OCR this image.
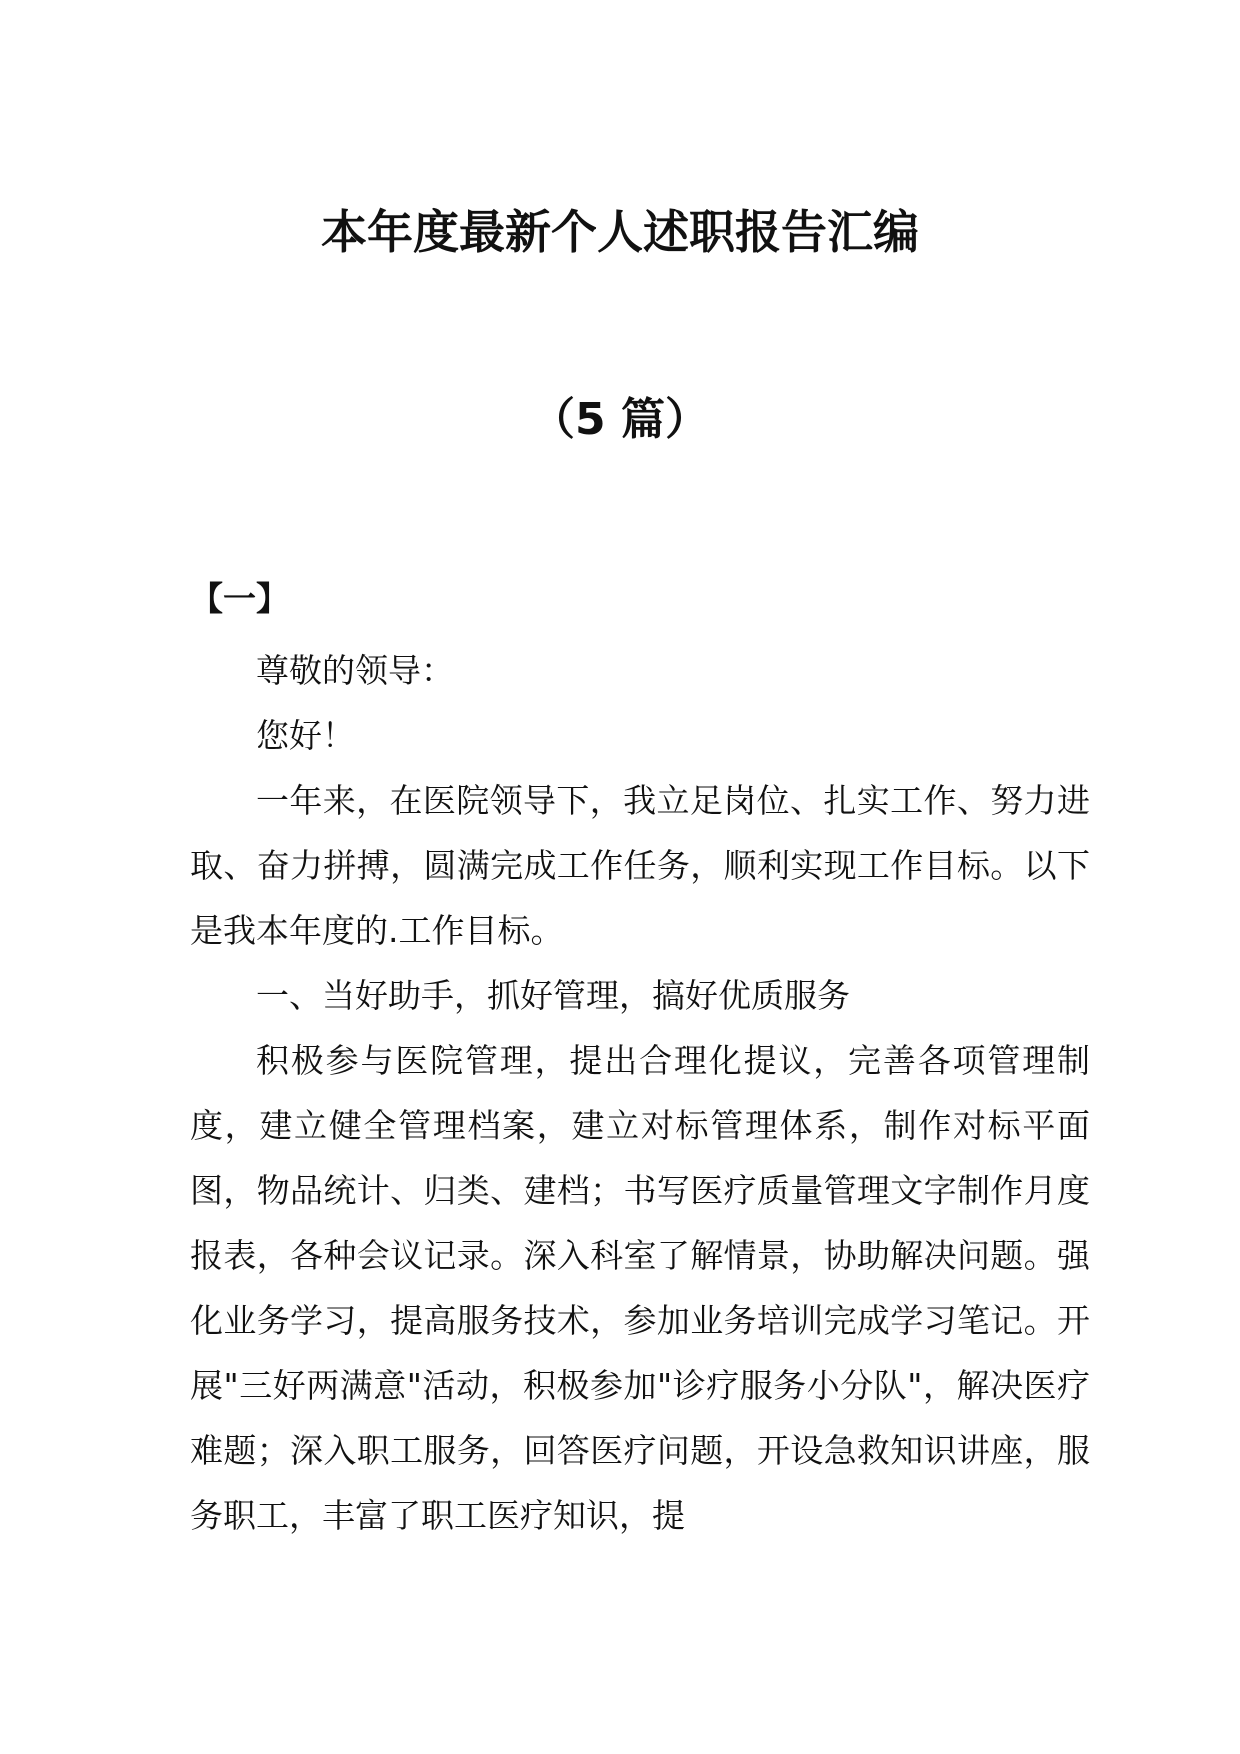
本年度最新个人述职报告汇编
（5 篇）
【一】

尊敬的领导：

您好！

一年来，在医院领导下，我立足岗位、扎实工作、努力进取、奋力拼搏，圆满完成工作任务，顺利实现工作目标。以下是我本年度的.工作目标。

一、当好助手，抓好管理，搞好优质服务

积极参与医院管理，提出合理化提议，完善各项管理制度，建立健全管理档案，建立对标管理体系，制作对标平面图，物品统计、归类、建档；书写医疗质量管理文字制作月度报表，各种会议记录。深入科室了解情景，协助解决问题。强化业务学习，提高服务技术，参加业务培训完成学习笔记。开展"三好两满意"活动，积极参加"诊疗服务小分队"，解决医疗难题；深入职工服务，回答医疗问题，开设急救知识讲座，服务职工，丰富了职工医疗知识，提
